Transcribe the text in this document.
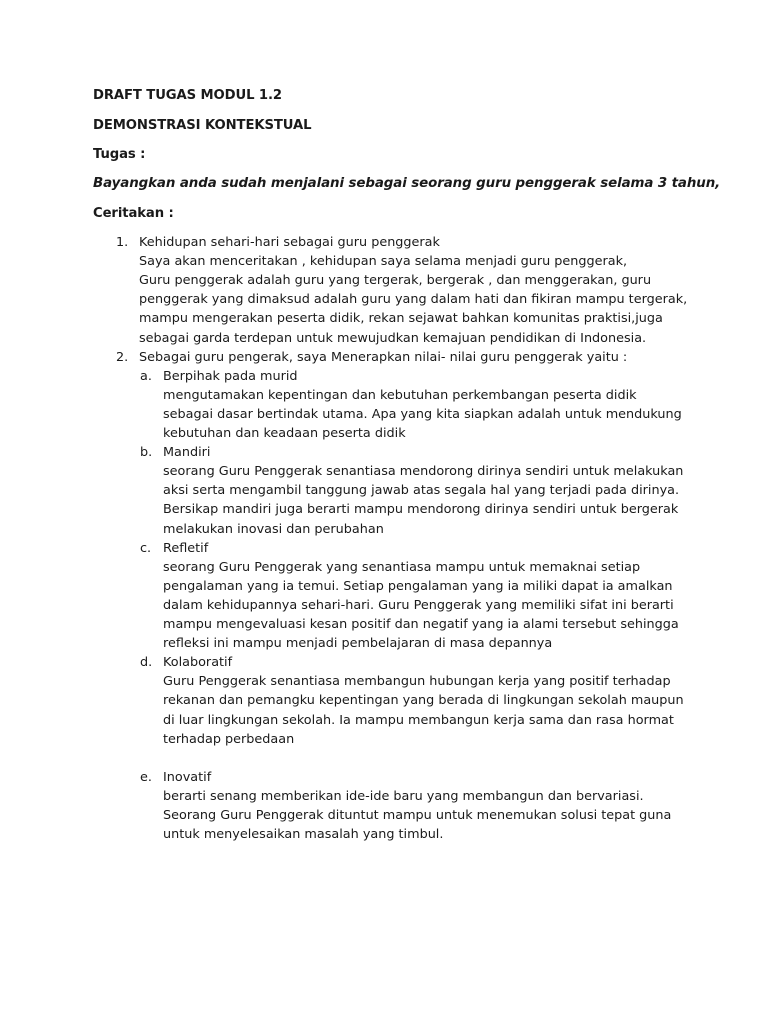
DRAFT TUGAS MODUL 1.2
DEMONSTRASI KONTEKSTUAL
Tugas :
Bayangkan anda sudah menjalani sebagai seorang guru penggerak selama 3 tahun,
Ceritakan :
1. Kehidupan sehari-hari sebagai guru penggerak
Saya akan menceritakan , kehidupan saya selama menjadi guru penggerak,
Guru penggerak adalah guru yang tergerak, bergerak , dan menggerakan, guru
penggerak yang dimaksud adalah guru yang dalam hati dan fikiran mampu tergerak,
mampu mengerakan peserta didik, rekan sejawat bahkan komunitas praktisi,juga
sebagai garda terdepan untuk mewujudkan kemajuan pendidikan di Indonesia.
2. Sebagai guru pengerak, saya Menerapkan nilai- nilai guru penggerak yaitu :
a. Berpihak pada murid
mengutamakan kepentingan dan kebutuhan perkembangan peserta didik
sebagai dasar bertindak utama. Apa yang kita siapkan adalah untuk mendukung
kebutuhan dan keadaan peserta didik
b. Mandiri
seorang Guru Penggerak senantiasa mendorong dirinya sendiri untuk melakukan
aksi serta mengambil tanggung jawab atas segala hal yang terjadi pada dirinya.
Bersikap mandiri juga berarti mampu mendorong dirinya sendiri untuk bergerak
melakukan inovasi dan perubahan
c. Refletif
seorang Guru Penggerak yang senantiasa mampu untuk memaknai setiap
pengalaman yang ia temui. Setiap pengalaman yang ia miliki dapat ia amalkan
dalam kehidupannya sehari-hari. Guru Penggerak yang memiliki sifat ini berarti
mampu mengevaluasi kesan positif dan negatif yang ia alami tersebut sehingga
refleksi ini mampu menjadi pembelajaran di masa depannya
d. Kolaboratif
Guru Penggerak senantiasa membangun hubungan kerja yang positif terhadap
rekanan dan pemangku kepentingan yang berada di lingkungan sekolah maupun
di luar lingkungan sekolah. Ia mampu membangun kerja sama dan rasa hormat
terhadap perbedaan
e. Inovatif
berarti senang memberikan ide-ide baru yang membangun dan bervariasi.
Seorang Guru Penggerak dituntut mampu untuk menemukan solusi tepat guna
untuk menyelesaikan masalah yang timbul.
